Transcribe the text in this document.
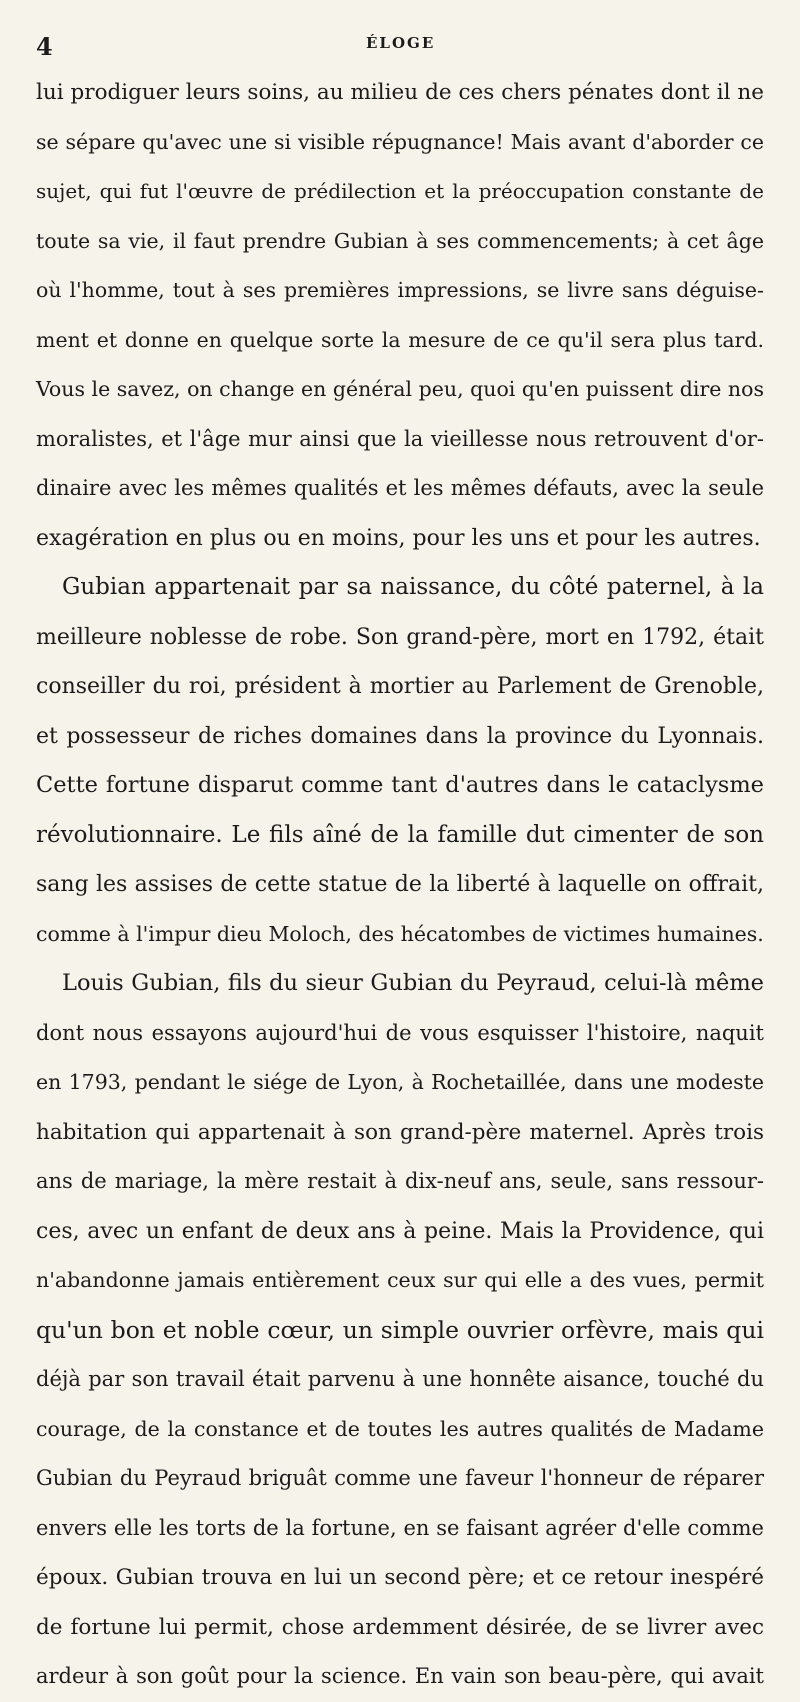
4	ÉLOGE
lui prodiguer leurs soins, au milieu de ces chers pénates dont il ne
se sépare qu'avec une si visible répugnance! Mais avant d'aborder ce
sujet, qui fut l'œuvre de prédilection et la préoccupation constante de
toute sa vie, il faut prendre Gubian à ses commencements; à cet âge
où l'homme, tout à ses premières impressions, se livre sans déguise-
ment et donne en quelque sorte la mesure de ce qu'il sera plus tard.
Vous le savez, on change en général peu, quoi qu'en puissent dire nos
moralistes, et l'âge mur ainsi que la vieillesse nous retrouvent d'or-
dinaire avec les mêmes qualités et les mêmes défauts, avec la seule
exagération en plus ou en moins, pour les uns et pour les autres.
Gubian appartenait par sa naissance, du côté paternel, à la
meilleure noblesse de robe. Son grand-père, mort en 1792, était
conseiller du roi, président à mortier au Parlement de Grenoble,
et possesseur de riches domaines dans la province du Lyonnais.
Cette fortune disparut comme tant d'autres dans le cataclysme
révolutionnaire. Le fils aîné de la famille dut cimenter de son
sang les assises de cette statue de la liberté à laquelle on offrait,
comme à l'impur dieu Moloch, des hécatombes de victimes humaines.
Louis Gubian, fils du sieur Gubian du Peyraud, celui-là même
dont nous essayons aujourd'hui de vous esquisser l'histoire, naquit
en 1793, pendant le siége de Lyon, à Rochetaillée, dans une modeste
habitation qui appartenait à son grand-père maternel. Après trois
ans de mariage, la mère restait à dix-neuf ans, seule, sans ressour-
ces, avec un enfant de deux ans à peine. Mais la Providence, qui
n'abandonne jamais entièrement ceux sur qui elle a des vues, permit
qu'un bon et noble cœur, un simple ouvrier orfèvre, mais qui
déjà par son travail était parvenu à une honnête aisance, touché du
courage, de la constance et de toutes les autres qualités de Madame
Gubian du Peyraud briguât comme une faveur l'honneur de réparer
envers elle les torts de la fortune, en se faisant agréer d'elle comme
époux. Gubian trouva en lui un second père; et ce retour inespéré
de fortune lui permit, chose ardemment désirée, de se livrer avec
ardeur à son goût pour la science. En vain son beau-père, qui avait
